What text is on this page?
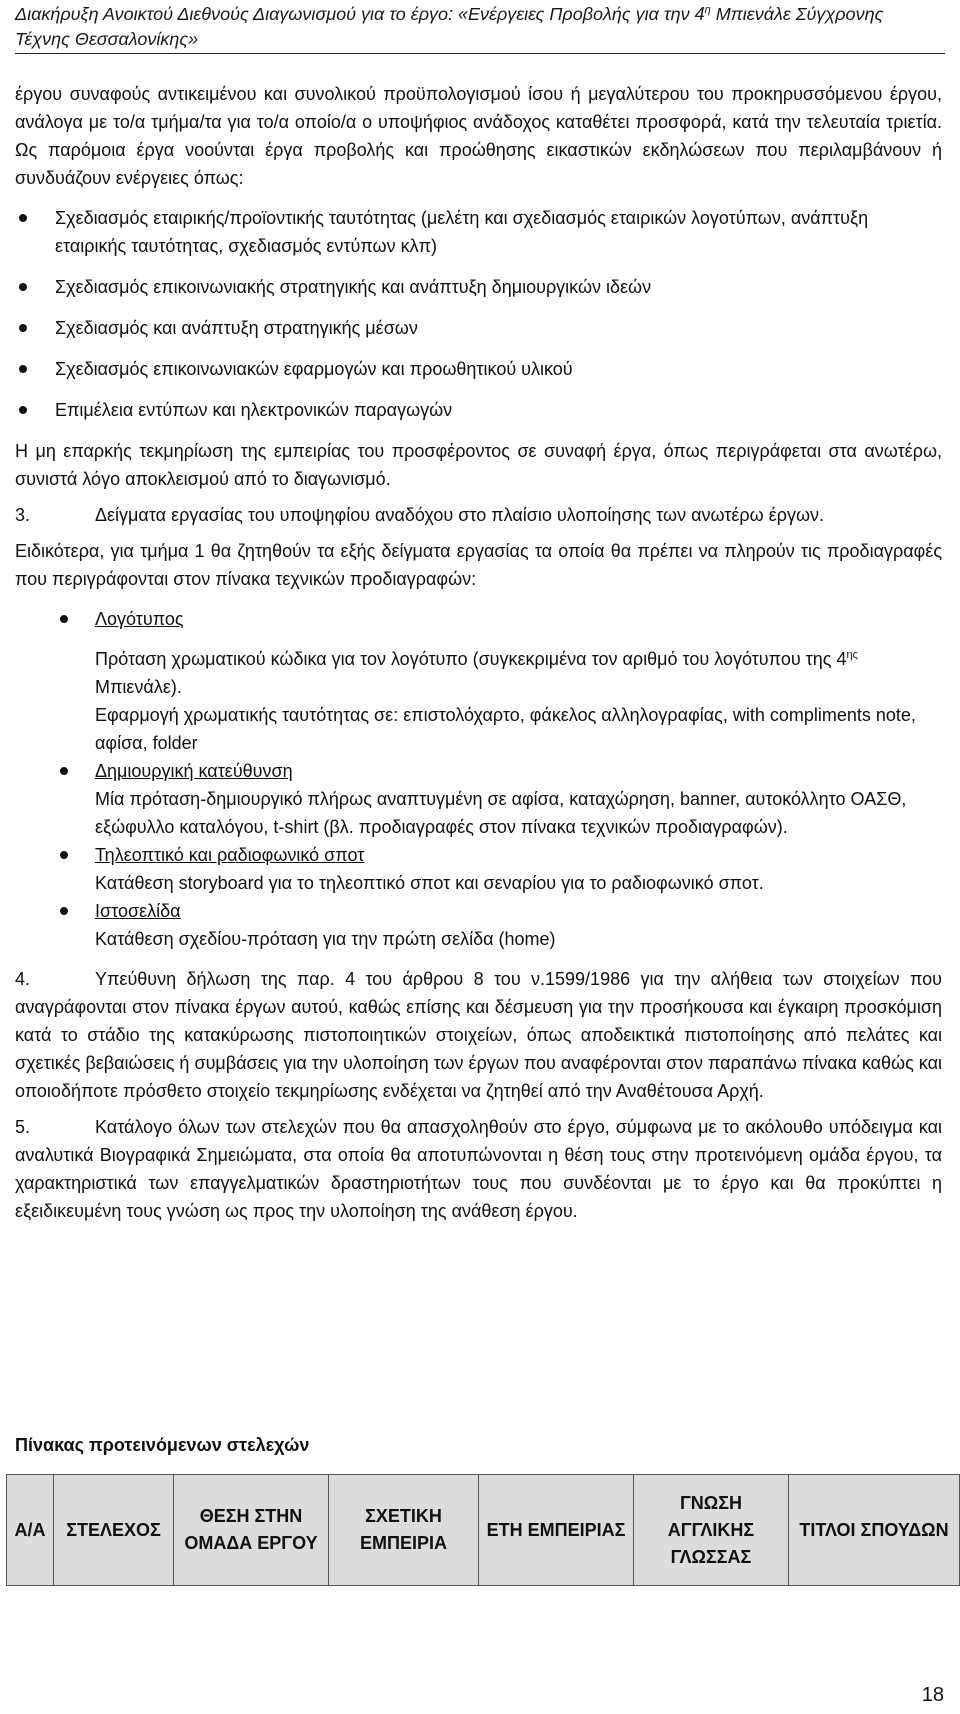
Διακήρυξη Ανοικτού Διεθνούς Διαγωνισμού για το έργο: «Ενέργειες Προβολής για την $4^\eta$ Μπιενάλε Σύγχρονης
Τέχνης Θεσσαλονίκης»

έργου συναφούς αντικειμένου και συνολικού προϋπολογισμού ίσου ή μεγαλύτερου του προκηρυσσόμενου έργου, ανάλογα με το/α τμήμα/τα για το/α οποίο/α ο υποψήφιος ανάδοχος καταθέτει προσφορά, κατά την τελευταία τριετία. Ως παρόμοια έργα νοούνται έργα προβολής και προώθησης εικαστικών εκδηλώσεων που περιλαμβάνουν ή συνδυάζουν ενέργειες όπως:

Σχεδιασμός εταιρικής/προϊοντικής ταυτότητας (μελέτη και σχεδιασμός εταιρικών λογοτύπων, ανάπτυξη εταιρικής ταυτότητας, σχεδιασμός εντύπων κλπ)
Σχεδιασμός επικοινωνιακής στρατηγικής και ανάπτυξη δημιουργικών ιδεών
Σχεδιασμός και ανάπτυξη στρατηγικής μέσων
Σχεδιασμός επικοινωνιακών εφαρμογών και προωθητικού υλικού
Επιμέλεια εντύπων και ηλεκτρονικών παραγωγών

Η μη επαρκής τεκμηρίωση της εμπειρίας του προσφέροντος σε συναφή έργα, όπως περιγράφεται στα ανωτέρω, συνιστά λόγο αποκλεισμού από το διαγωνισμό.

3.	Δείγματα εργασίας του υποψηφίου αναδόχου στο πλαίσιο υλοποίησης των ανωτέρω έργων.

Ειδικότερα, για τμήμα 1 θα ζητηθούν τα εξής δείγματα εργασίας τα οποία θα πρέπει να πληρούν τις προδιαγραφές που περιγράφονται στον πίνακα τεχνικών προδιαγραφών:

Λογότυπος
Πρόταση χρωματικού κώδικα για τον λογότυπο (συγκεκριμένα τον αριθμό του λογότυπου της $4^{\eta\varsigma}$ Μπιενάλε).
Εφαρμογή χρωματικής ταυτότητας σε: επιστολόχαρτο, φάκελος αλληλογραφίας, with compliments note, αφίσα, folder
Δημιουργική κατεύθυνση
Μία πρόταση-δημιουργικό πλήρως αναπτυγμένη σε αφίσα, καταχώρηση, banner, αυτοκόλλητο ΟΑΣΘ, εξώφυλλο καταλόγου, t-shirt (βλ. προδιαγραφές στον πίνακα τεχνικών προδιαγραφών).
Τηλεοπτικό και ραδιοφωνικό σποτ
Κατάθεση storyboard για το τηλεοπτικό σποτ και σεναρίου για το ραδιοφωνικό σποτ.
Ιστοσελίδα
Κατάθεση σχεδίου-πρόταση για την πρώτη σελίδα (home)

4.	Υπεύθυνη δήλωση της παρ. 4 του άρθρου 8 του ν.1599/1986 για την αλήθεια των στοιχείων που αναγράφονται στον πίνακα έργων αυτού, καθώς επίσης και δέσμευση για την προσήκουσα και έγκαιρη προσκόμιση κατά το στάδιο της κατακύρωσης πιστοποιητικών στοιχείων, όπως αποδεικτικά πιστοποίησης από πελάτες και σχετικές βεβαιώσεις ή συμβάσεις για την υλοποίηση των έργων που αναφέρονται στον παραπάνω πίνακα καθώς και οποιοδήποτε πρόσθετο στοιχείο τεκμηρίωσης ενδέχεται να ζητηθεί από την Αναθέτουσα Αρχή.

5.	Κατάλογο όλων των στελεχών που θα απασχοληθούν στο έργο, σύμφωνα με το ακόλουθο υπόδειγμα και αναλυτικά Βιογραφικά Σημειώματα, στα οποία θα αποτυπώνονται η θέση τους στην προτεινόμενη ομάδα έργου, τα χαρακτηριστικά των επαγγελματικών δραστηριοτήτων τους που συνδέονται με το έργο και θα προκύπτει η εξειδικευμένη τους γνώση ως προς την υλοποίηση της ανάθεση έργου.

Πίνακας προτεινόμενων στελεχών
Α/Α	ΣΤΕΛΕΧΟΣ	ΘΕΣΗ ΣΤΗΝ ΟΜΑΔΑ ΕΡΓΟΥ	ΣΧΕΤΙΚΗ ΕΜΠΕΙΡΙΑ	ΕΤΗ ΕΜΠΕΙΡΙΑΣ	ΓΝΩΣΗ ΑΓΓΛΙΚΗΣ ΓΛΩΣΣΑΣ	ΤΙΤΛΟΙ ΣΠΟΥΔΩΝ
18
